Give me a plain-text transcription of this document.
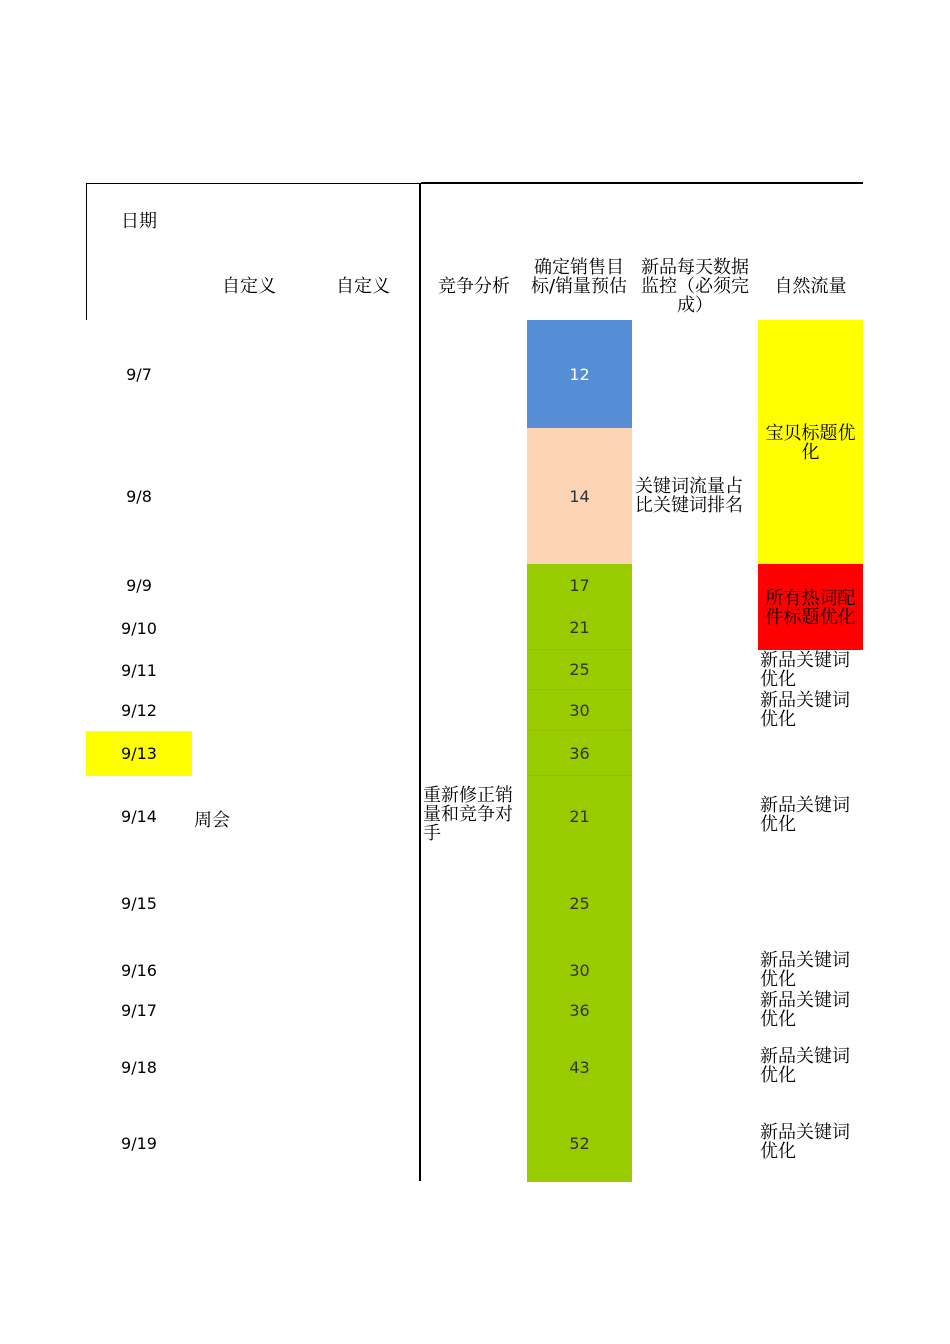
日期
自定义	自定义	竞争分析
确定销售目标/销量预估
新品每天数据监控（必须完成）
自然流量
9/7
9/8
9/9
9/10
9/11
9/12
9/13
9/14
9/15
9/16
9/17
9/18
9/19
周会
重新修正销量和竞争对手
12
14
17
21
25
30
36
21
25
30
36
43
52
关键词流量占比关键词排名
宝贝标题优化
所有热词配件标题优化
新品关键词优化
新品关键词优化
新品关键词优化
新品关键词优化
新品关键词优化
新品关键词优化
新品关键词优化
